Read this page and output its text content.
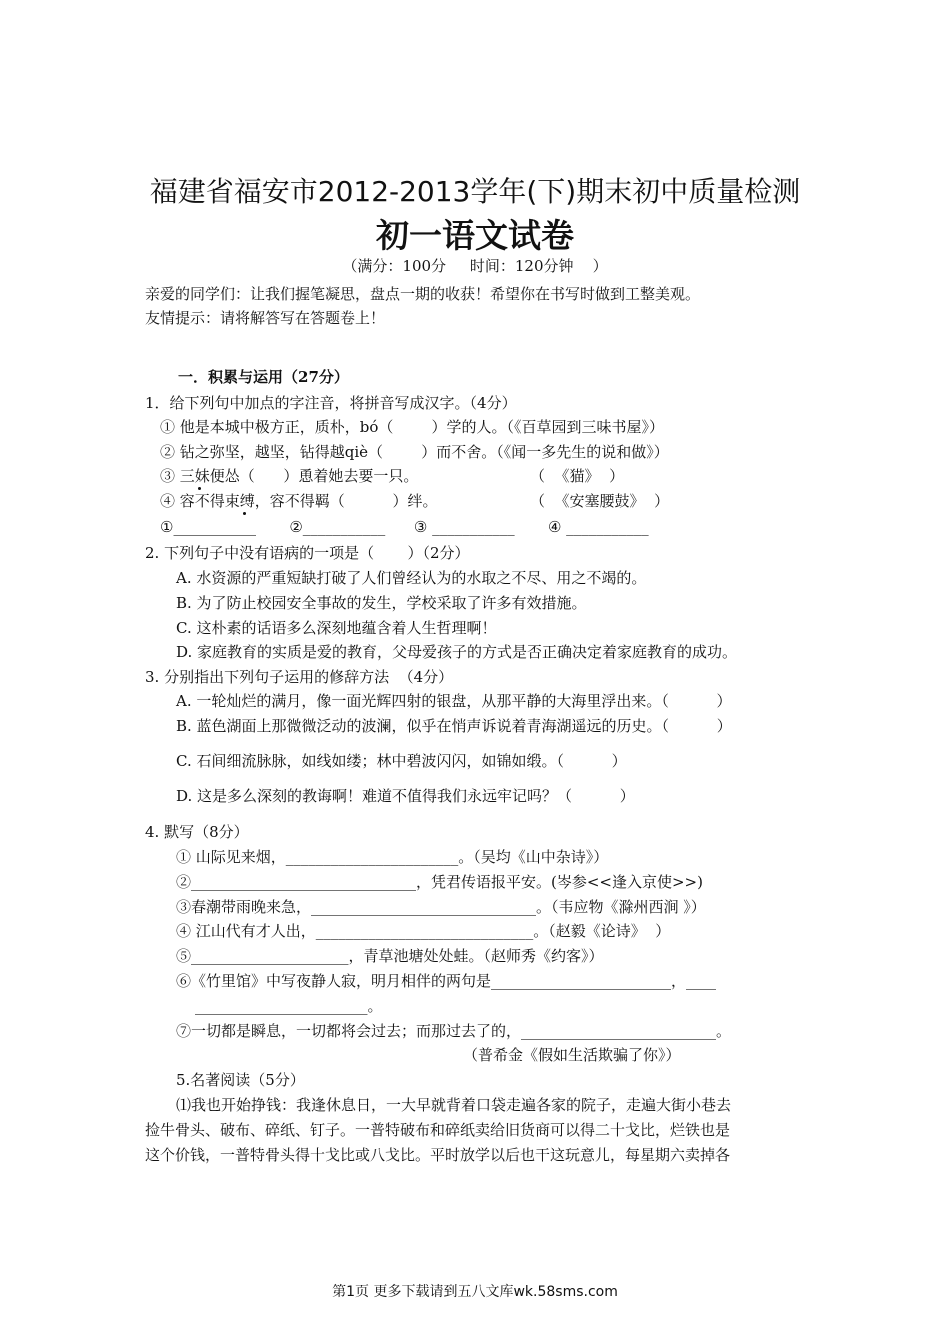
福建省福安市2012-2013学年(下)期末初中质量检测
初一语文试卷
（满分：100分     时间：120分钟    ）
亲爱的同学们：让我们握笔凝思，盘点一期的收获！希望你在书写时做到工整美观。
友情提示：请将解答写在答题卷上！
一．积累与运用（27分）
1．给下列句中加点的字注音，将拼音写成汉字。（4分）
① 他是本城中极方正，质朴，bó（        ）学的人。（《百草园到三味书屋》）
② 钻之弥坚，越坚，钻得越qiè（        ）而不舍。（《闻一多先生的说和做》）
③ 三妹便怂（      ）恿着她去要一只。	（  《猫》  ）
④ 容不得束缚，容不得羁（          ）绊。	（  《安塞腰鼓》  ）
①___________       ②___________      ③ ___________       ④ ___________
2. 下列句子中没有语病的一项是（       ）（2分）
A. 水资源的严重短缺打破了人们曾经认为的水取之不尽、用之不竭的。
B. 为了防止校园安全事故的发生，学校采取了许多有效措施。
C. 这朴素的话语多么深刻地蕴含着人生哲理啊！
D. 家庭教育的实质是爱的教育，父母爱孩子的方式是否正确决定着家庭教育的成功。
3. 分别指出下列句子运用的修辞方法  （4分）
A. 一轮灿烂的满月，像一面光辉四射的银盘，从那平静的大海里浮出来。（          ）
B. 蓝色湖面上那微微泛动的波澜，似乎在悄声诉说着青海湖遥远的历史。（          ）
C. 石间细流脉脉，如线如缕；林中碧波闪闪，如锦如缎。（          ）
D. 这是多么深刻的教诲啊！难道不值得我们永远牢记吗？（          ）
4. 默写（8分）
① 山际见来烟，_______________________。（吴均《山中杂诗》）
②______________________________，凭君传语报平安。(岑参<<逢入京使>>)
③春潮带雨晚来急，______________________________。（韦应物《滁州西涧 》）
④ 江山代有才人出，_____________________________。（赵毅《论诗》  ）
⑤_____________________，青草池塘处处蛙。（赵师秀《约客》）
⑥《竹里馆》中写夜静人寂，明月相伴的两句是________________________，____
_______________________。
⑦一切都是瞬息，一切都将会过去；而那过去了的，__________________________。
（普希金《假如生活欺骗了你》）
5.名著阅读（5分）
⑴我也开始挣钱：我逢休息日，一大早就背着口袋走遍各家的院子，走遍大街小巷去
捡牛骨头、破布、碎纸、钉子。一普特破布和碎纸卖给旧货商可以得二十戈比，烂铁也是
这个价钱，一普特骨头得十戈比或八戈比。平时放学以后也干这玩意儿，每星期六卖掉各
第1页 更多下载请到五八文库wk.58sms.com
